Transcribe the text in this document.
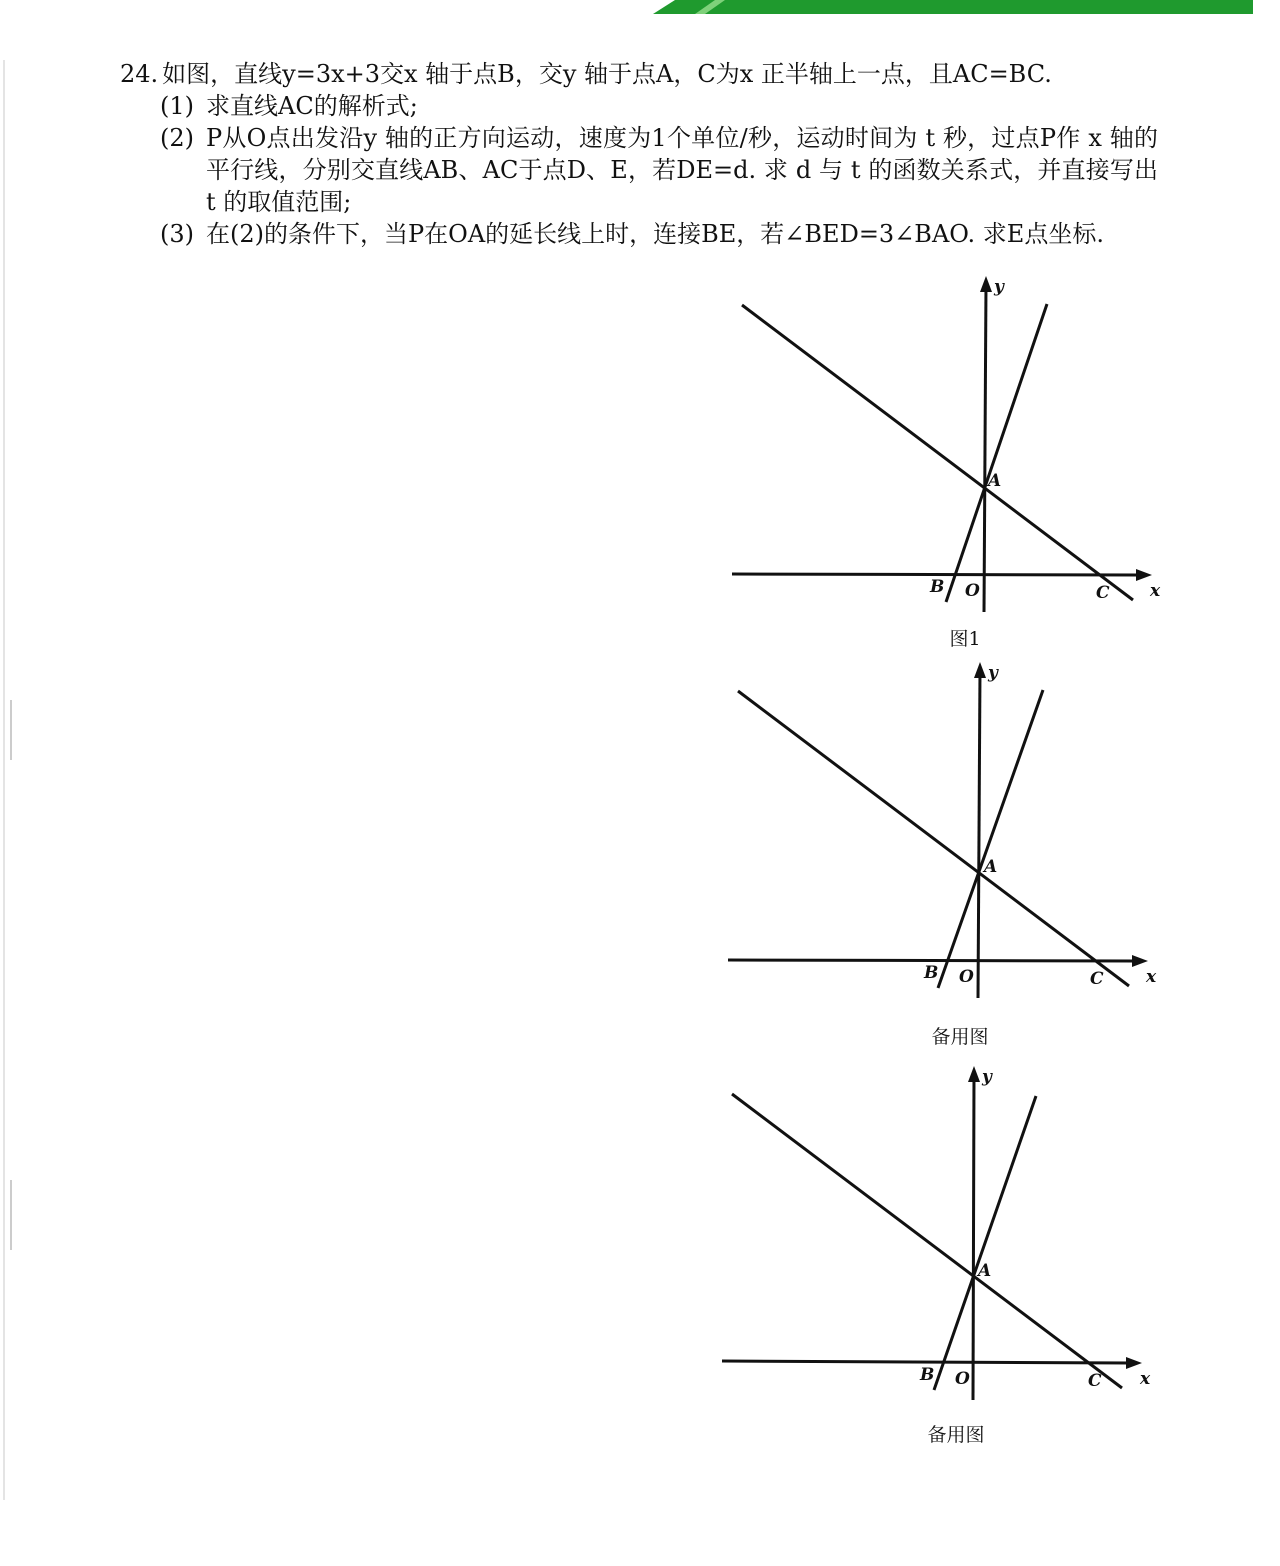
24. 如图，直线y=3x+3交x 轴于点B，交y 轴于点A，C为x 正半轴上一点，且AC=BC.
(1) 求直线AC的解析式;
(2) P从O点出发沿y 轴的正方向运动，速度为1个单位/秒，运动时间为 t 秒，过点P作 x 轴的平行线，分别交直线AB、AC于点D、E，若DE=d. 求 d 与 t 的函数关系式，并直接写出 t 的取值范围;
(3) 在(2)的条件下，当P在OA的延长线上时，连接BE，若∠BED=3∠BAO. 求E点坐标.
y
x
A
B O	C
图1
y
x
A
B O	C
备用图
y
x
A
B O	C
备用图
